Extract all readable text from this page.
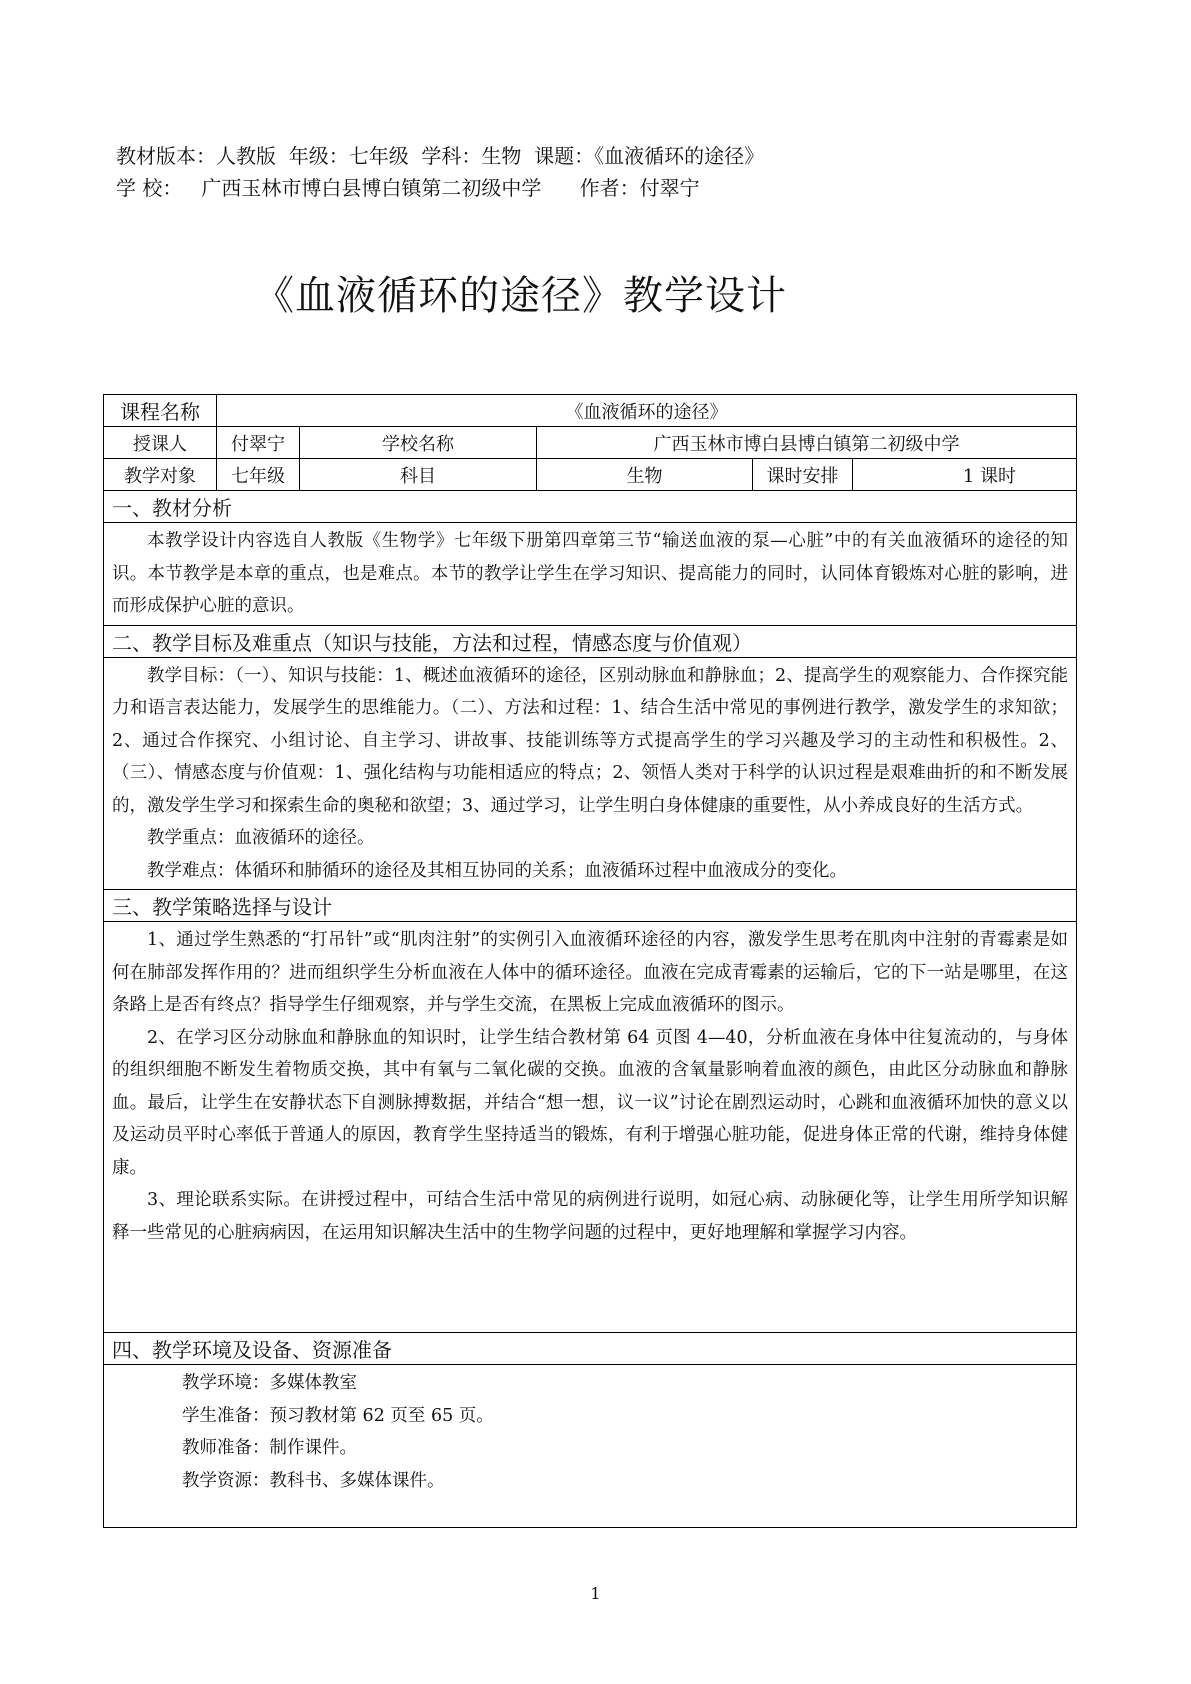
教材版本：人教版  年级：七年级  学科：生物  课题：《血液循环的途径》
学 校：   广西玉林市博白县博白镇第二初级中学      作者：付翠宁
《血液循环的途径》教学设计
课程名称	《血液循环的途径》				
授课人	付翠宁	学校名称	广西玉林市博白县博白镇第二初级中学		
教学对象	七年级	科目	生物	课时安排	1 课时
一、教材分析					

本教学设计内容选自人教版《生物学》七年级下册第四章第三节“输送血液的泵—心脏”中的有关血液循环的途径的知识。本节教学是本章的重点，也是难点。本节的教学让学生在学习知识、提高能力的同时，认同体育锻炼对心脏的影响，进而形成保护心脏的意识。					

二、教学目标及难重点（知识与技能，方法和过程，情感态度与价值观）					

教学目标：（一）、知识与技能：1、概述血液循环的途径，区别动脉血和静脉血；2、提高学生的观察能力、合作探究能力和语言表达能力，发展学生的思维能力。（二）、方法和过程：1、结合生活中常见的事例进行教学，激发学生的求知欲；2、通过合作探究、小组讨论、自主学习、讲故事、技能训练等方式提高学生的学习兴趣及学习的主动性和积极性。2、（三）、情感态度与价值观：1、强化结构与功能相适应的特点；2、领悟人类对于科学的认识过程是艰难曲折的和不断发展的，激发学生学习和探索生命的奥秘和欲望；3、通过学习，让学生明白身体健康的重要性，从小养成良好的生活方式。

教学重点：血液循环的途径。

教学难点：体循环和肺循环的途径及其相互协同的关系；血液循环过程中血液成分的变化。					

三、教学策略选择与设计					

1、通过学生熟悉的“打吊针”或“肌肉注射”的实例引入血液循环途径的内容，激发学生思考在肌肉中注射的青霉素是如何在肺部发挥作用的？进而组织学生分析血液在人体中的循环途径。血液在完成青霉素的运输后，它的下一站是哪里，在这条路上是否有终点？指导学生仔细观察，并与学生交流，在黑板上完成血液循环的图示。

2、在学习区分动脉血和静脉血的知识时，让学生结合教材第 64 页图 4—40，分析血液在身体中往复流动的，与身体的组织细胞不断发生着物质交换，其中有氧与二氧化碳的交换。血液的含氧量影响着血液的颜色，由此区分动脉血和静脉血。最后，让学生在安静状态下自测脉搏数据，并结合“想一想，议一议”讨论在剧烈运动时，心跳和血液循环加快的意义以及运动员平时心率低于普通人的原因，教育学生坚持适当的锻炼，有利于增强心脏功能，促进身体正常的代谢，维持身体健康。

3、理论联系实际。在讲授过程中，可结合生活中常见的病例进行说明，如冠心病、动脉硬化等，让学生用所学知识解释一些常见的心脏病病因，在运用知识解决生活中的生物学问题的过程中，更好地理解和掌握学习内容。					

四、教学环境及设备、资源准备					

教学环境：多媒体教室

学生准备：预习教材第 62 页至 65 页。

教师准备：制作课件。

教学资源：教科书、多媒体课件。					

1
